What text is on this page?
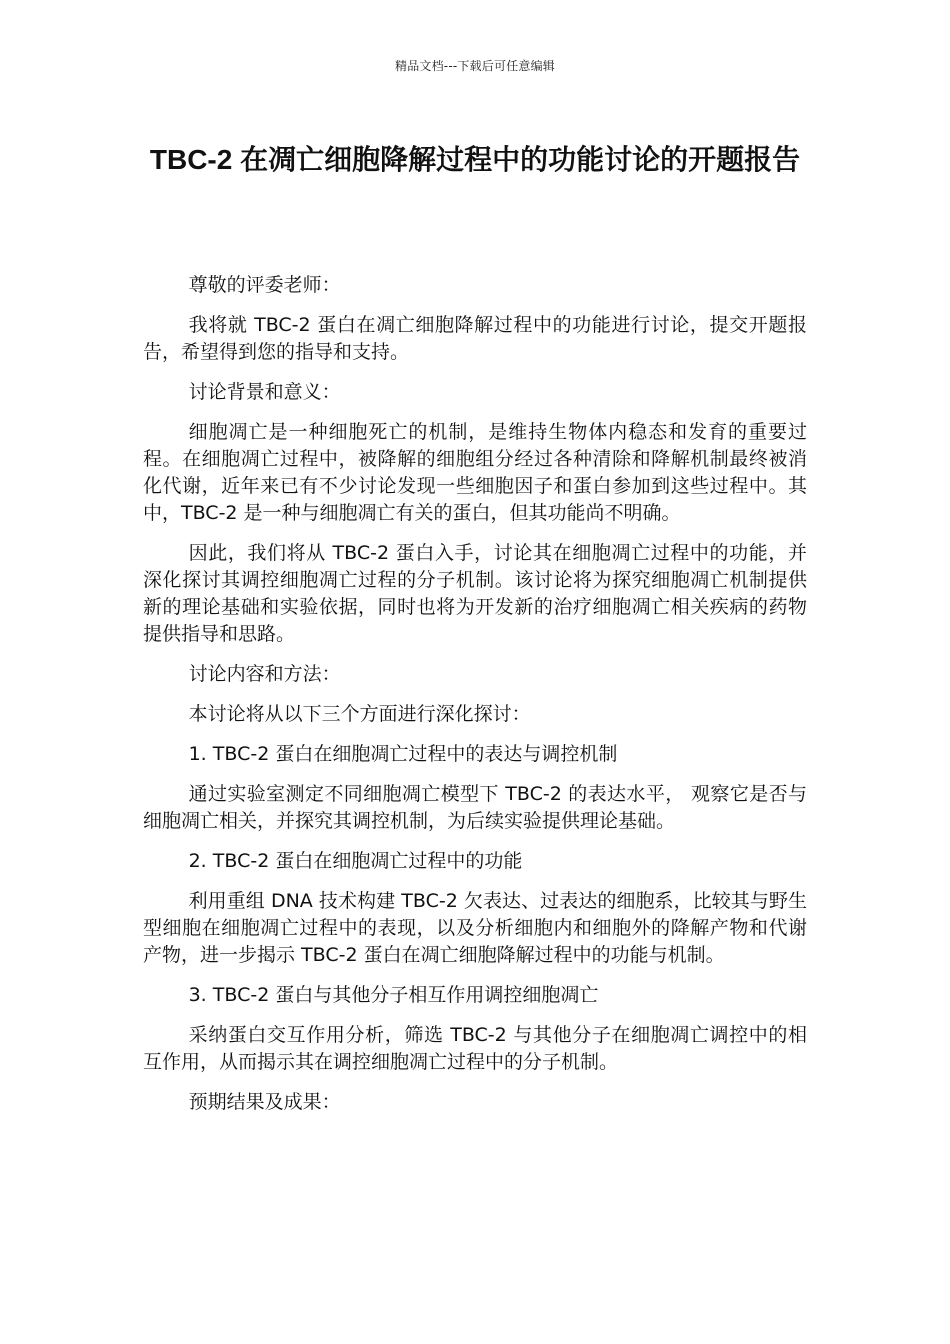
精品文档---下载后可任意编辑
TBC-2 在凋亡细胞降解过程中的功能讨论的开题报告

尊敬的评委老师：

我将就 TBC-2 蛋白在凋亡细胞降解过程中的功能进行讨论，提交开题报告，希望得到您的指导和支持。

讨论背景和意义：

细胞凋亡是一种细胞死亡的机制，是维持生物体内稳态和发育的重要过程。在细胞凋亡过程中，被降解的细胞组分经过各种清除和降解机制最终被消化代谢，近年来已有不少讨论发现一些细胞因子和蛋白参加到这些过程中。其中，TBC-2 是一种与细胞凋亡有关的蛋白，但其功能尚不明确。

因此，我们将从 TBC-2 蛋白入手，讨论其在细胞凋亡过程中的功能，并深化探讨其调控细胞凋亡过程的分子机制。该讨论将为探究细胞凋亡机制提供新的理论基础和实验依据，同时也将为开发新的治疗细胞凋亡相关疾病的药物提供指导和思路。

讨论内容和方法：

本讨论将从以下三个方面进行深化探讨：

1. TBC-2 蛋白在细胞凋亡过程中的表达与调控机制

通过实验室测定不同细胞凋亡模型下 TBC-2 的表达水平， 观察它是否与细胞凋亡相关，并探究其调控机制，为后续实验提供理论基础。

2. TBC-2 蛋白在细胞凋亡过程中的功能

利用重组 DNA 技术构建 TBC-2 欠表达、过表达的细胞系，比较其与野生型细胞在细胞凋亡过程中的表现，以及分析细胞内和细胞外的降解产物和代谢产物，进一步揭示 TBC-2 蛋白在凋亡细胞降解过程中的功能与机制。

3. TBC-2 蛋白与其他分子相互作用调控细胞凋亡

采纳蛋白交互作用分析，筛选 TBC-2 与其他分子在细胞凋亡调控中的相互作用，从而揭示其在调控细胞凋亡过程中的分子机制。

预期结果及成果：
